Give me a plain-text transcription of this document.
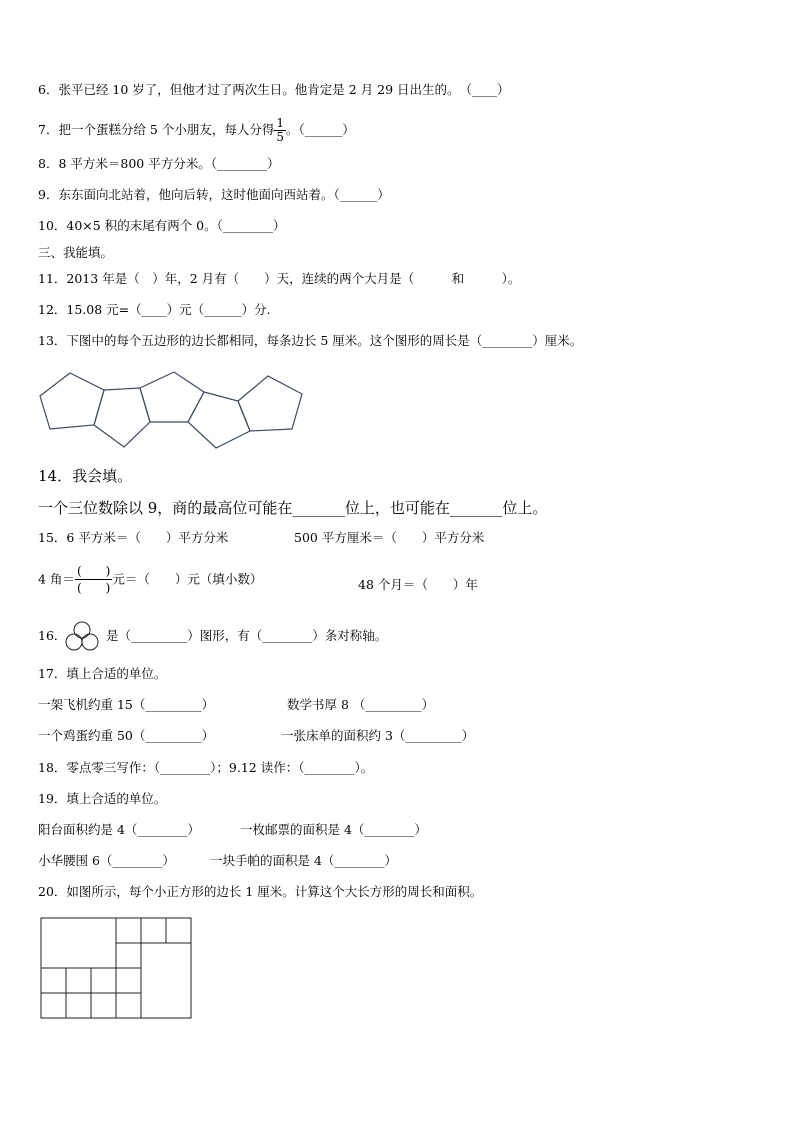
6．张平已经 10 岁了，但他才过了两次生日。他肯定是 2 月 29 日出生的。　（____）
7．把一个蛋糕分给 5 个小朋友，每人分得 $\frac{1}{5}$ 。（______）
8．8 平方米＝800 平方分米。（________）
9．东东面向北站着，他向后转，这时他面向西站着。（______）
10．40×5 积的末尾有两个 0。（________）
三、我能填。
11．2013 年是（　）年，2 月有（　　）天，连续的两个大月是（　　　和　　　）。
12．15.08 元=（____）元（______）分.
13．下图中的每个五边形的边长都相同，每条边长 5 厘米。这个图形的周长是（________）厘米。
14．我会填。
一个三位数除以 9，商的最高位可能在_______位上，也可能在_______位上。
15．6 平方米＝（　　）平方分米	500 平方厘米＝（　　）平方分米
4 角＝ $\frac{( )}{( )}$ 元＝（　　）元（填小数）	48 个月＝（　　）年
16．	是（_________）图形，有（________）条对称轴。
17．填上合适的单位。
一架飞机约重 15（_________）	数学书厚 8 （_________）
一个鸡蛋约重 50（_________）	一张床单的面积约 3（_________）
18．零点零三写作：（________）；9.12 读作：（________）。
19．填上合适的单位。
阳台面积约是 4（________）	一枚邮票的面积是 4（________）
小华腰围 6（________）	一块手帕的面积是 4（________）
20．如图所示，每个小正方形的边长 1 厘米。计算这个大长方形的周长和面积。
